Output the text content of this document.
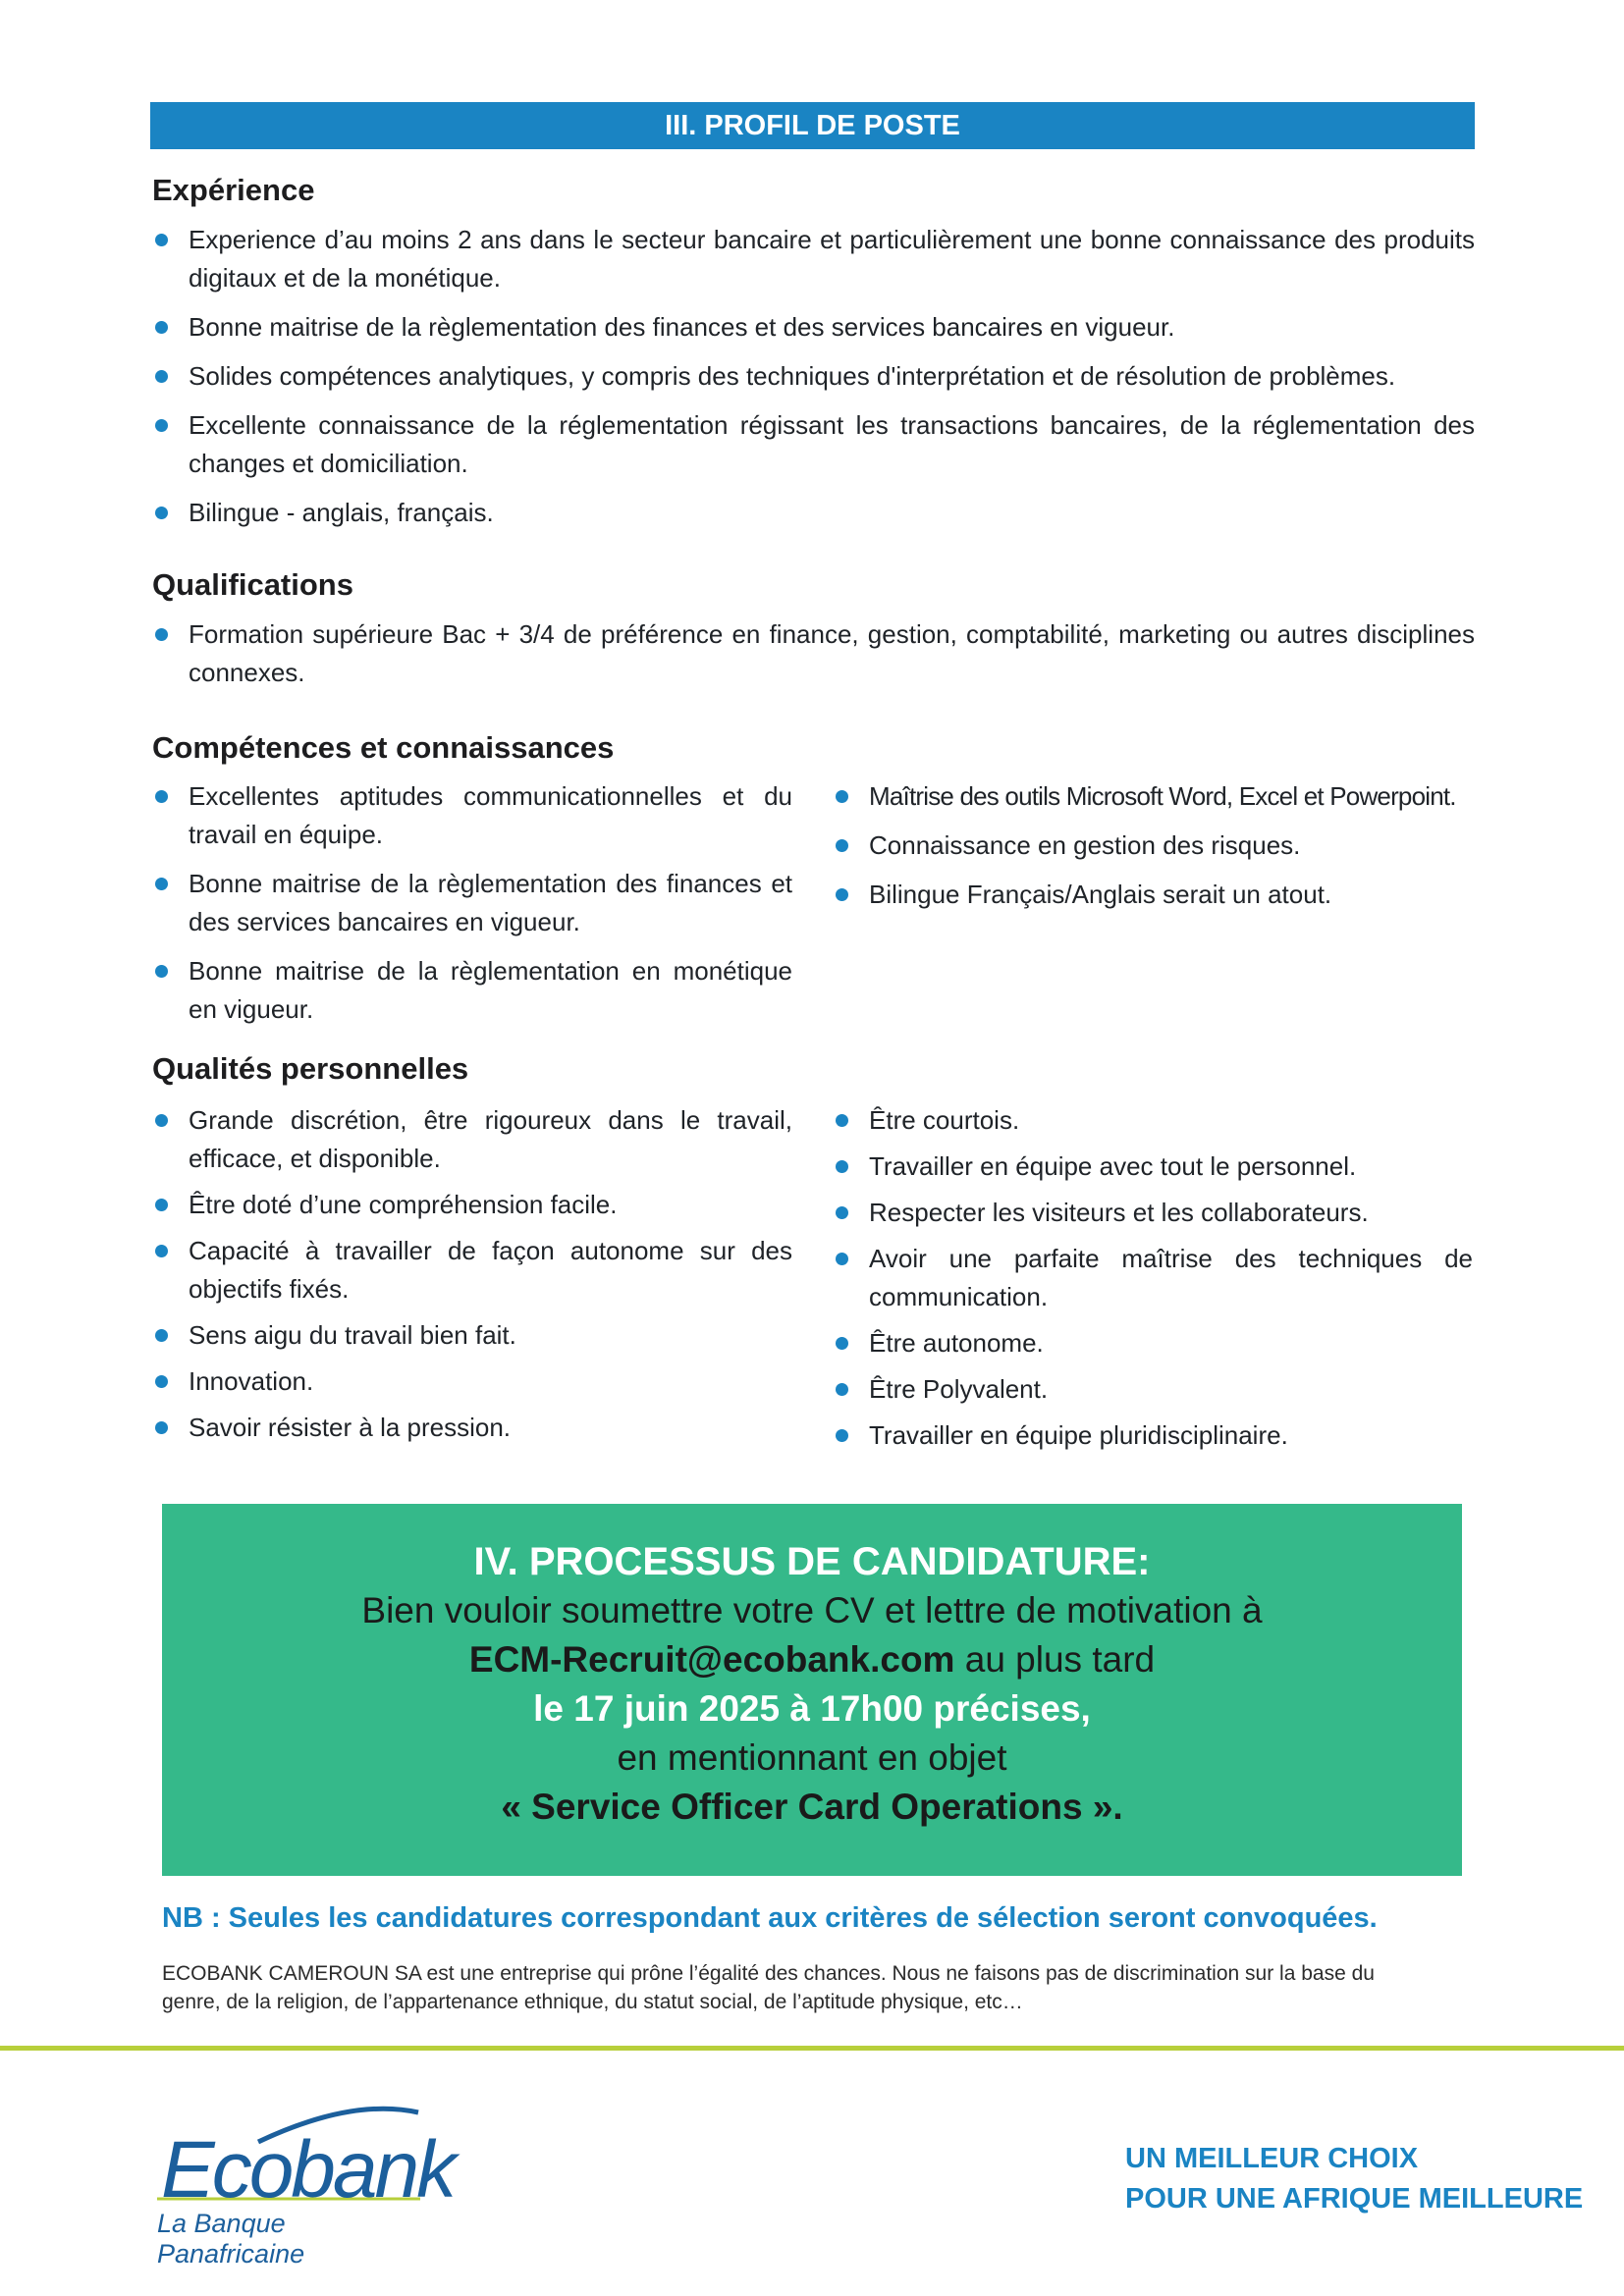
III. PROFIL DE POSTE
Expérience
Experience d’au moins 2 ans dans le secteur bancaire et particulièrement une bonne connaissance des produits digitaux et de la monétique.
Bonne maitrise de la règlementation des finances et des services bancaires en vigueur.
Solides compétences analytiques, y compris des techniques d'interprétation et de résolution de problèmes.
Excellente connaissance de la réglementation régissant les transactions bancaires, de la réglementation des changes et domiciliation.
Bilingue - anglais, français.
Qualifications
Formation supérieure Bac + 3/4 de préférence en finance, gestion, comptabilité, marketing ou autres disciplines connexes.
Compétences et connaissances
Excellentes aptitudes communicationnelles et du travail en équipe.
Bonne maitrise de la règlementation des finances et des services bancaires en vigueur.
Bonne maitrise de la règlementation en monétique en vigueur.
Maîtrise des outils Microsoft Word, Excel et Powerpoint.
Connaissance en gestion des risques.
Bilingue Français/Anglais serait un atout.
Qualités personnelles
Grande discrétion, être rigoureux dans le travail, efficace, et disponible.
Être doté d’une compréhension facile.
Capacité à travailler de façon autonome sur des objectifs fixés.
Sens aigu du travail bien fait.
Innovation.
Savoir résister à la pression.
Être courtois.
Travailler en équipe avec tout le personnel.
Respecter les visiteurs et les collaborateurs.
Avoir une parfaite maîtrise des techniques de communication.
Être autonome.
Être Polyvalent.
Travailler en équipe pluridisciplinaire.
IV. PROCESSUS DE CANDIDATURE:
Bien vouloir soumettre votre CV et lettre de motivation à
ECM-Recruit@ecobank.com au plus tard
le 17 juin 2025 à 17h00 précises,
en mentionnant en objet
« Service Officer Card Operations ».
NB : Seules les candidatures correspondant aux critères de sélection seront convoquées.
ECOBANK CAMEROUN SA est une entreprise qui prône l’égalité des chances. Nous ne faisons pas de discrimination sur la base du genre, de la religion, de l’appartenance ethnique, du statut social, de l’aptitude physique, etc…
Ecobank
La Banque Panafricaine
UN MEILLEUR CHOIX
POUR UNE AFRIQUE MEILLEURE
